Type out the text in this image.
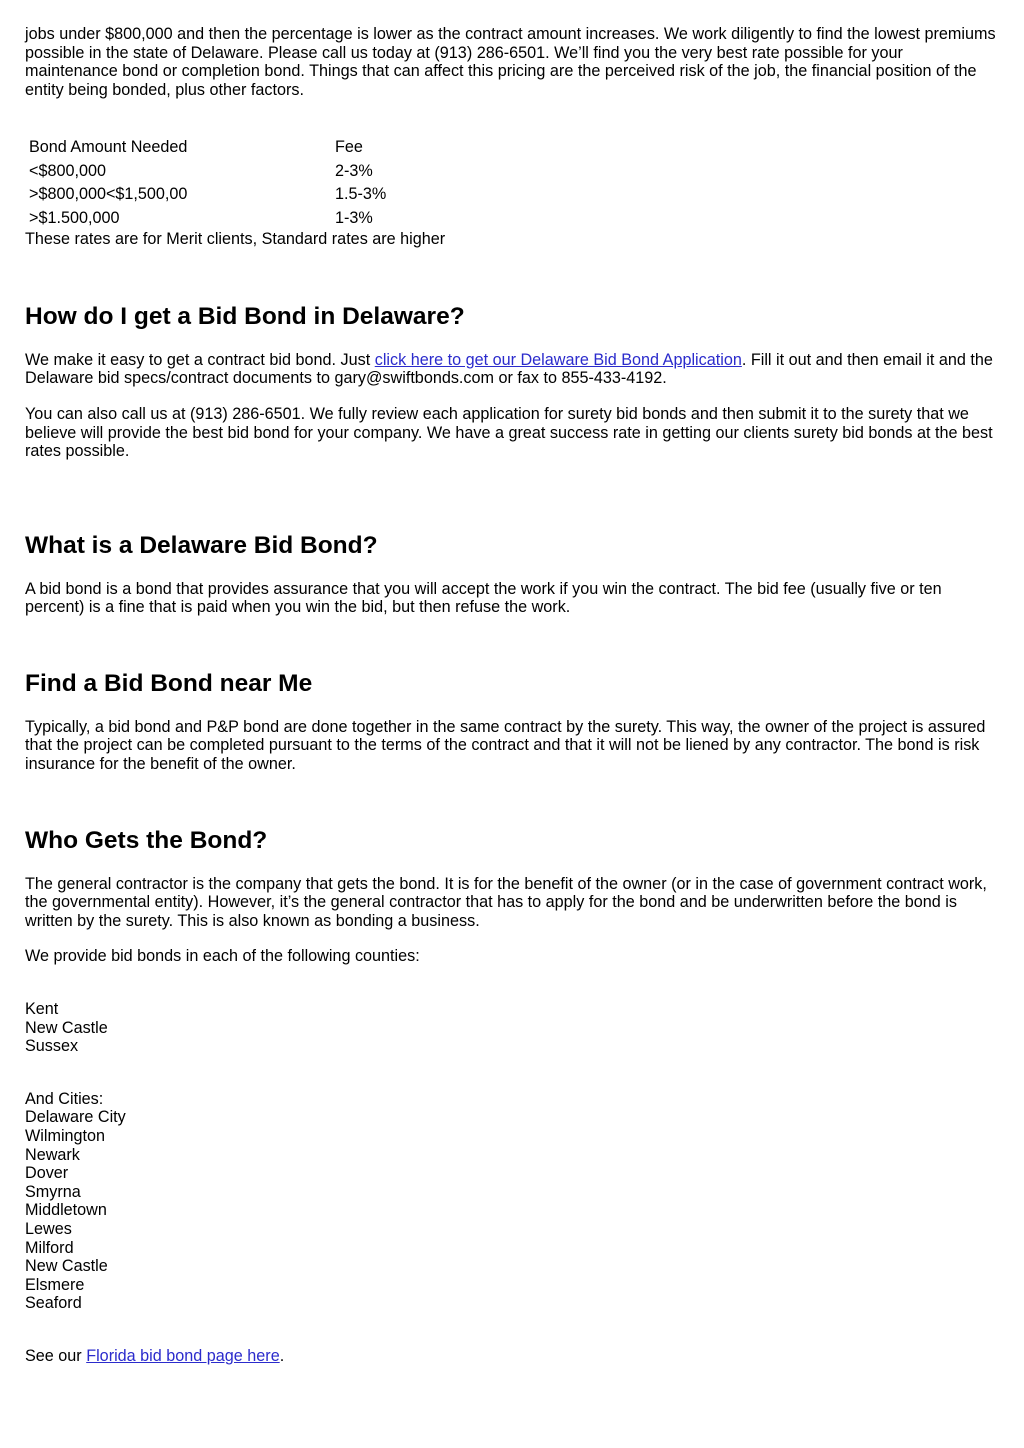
jobs under $800,000 and then the percentage is lower as the contract amount increases. We work diligently to find the lowest premiums possible in the state of Delaware. Please call us today at (913) 286-6501. We’ll find you the very best rate possible for your maintenance bond or completion bond. Things that can affect this pricing are the perceived risk of the job, the financial position of the entity being bonded, plus other factors.

Bond Amount Needed	Fee
<$800,000	2-3%
>$800,000<$1,500,00	1.5-3%
>$1.500,000	1-3%

These rates are for Merit clients, Standard rates are higher

How do I get a Bid Bond in Delaware?

We make it easy to get a contract bid bond. Just click here to get our Delaware Bid Bond Application. Fill it out and then email it and the Delaware bid specs/contract documents to gary@swiftbonds.com or fax to 855-433-4192.

You can also call us at (913) 286-6501. We fully review each application for surety bid bonds and then submit it to the surety that we believe will provide the best bid bond for your company. We have a great success rate in getting our clients surety bid bonds at the best rates possible.

What is a Delaware Bid Bond?

A bid bond is a bond that provides assurance that you will accept the work if you win the contract. The bid fee (usually five or ten percent) is a fine that is paid when you win the bid, but then refuse the work.

Find a Bid Bond near Me

Typically, a bid bond and P&P bond are done together in the same contract by the surety. This way, the owner of the project is assured that the project can be completed pursuant to the terms of the contract and that it will not be liened by any contractor. The bond is risk insurance for the benefit of the owner.

Who Gets the Bond?

The general contractor is the company that gets the bond. It is for the benefit of the owner (or in the case of government contract work, the governmental entity). However, it’s the general contractor that has to apply for the bond and be underwritten before the bond is written by the surety. This is also known as bonding a business.

We provide bid bonds in each of the following counties:

Kent
New Castle
Sussex

And Cities:

Delaware City
Wilmington
Newark
Dover
Smyrna
Middletown
Lewes
Milford
New Castle
Elsmere
Seaford

See our Florida bid bond page here.
